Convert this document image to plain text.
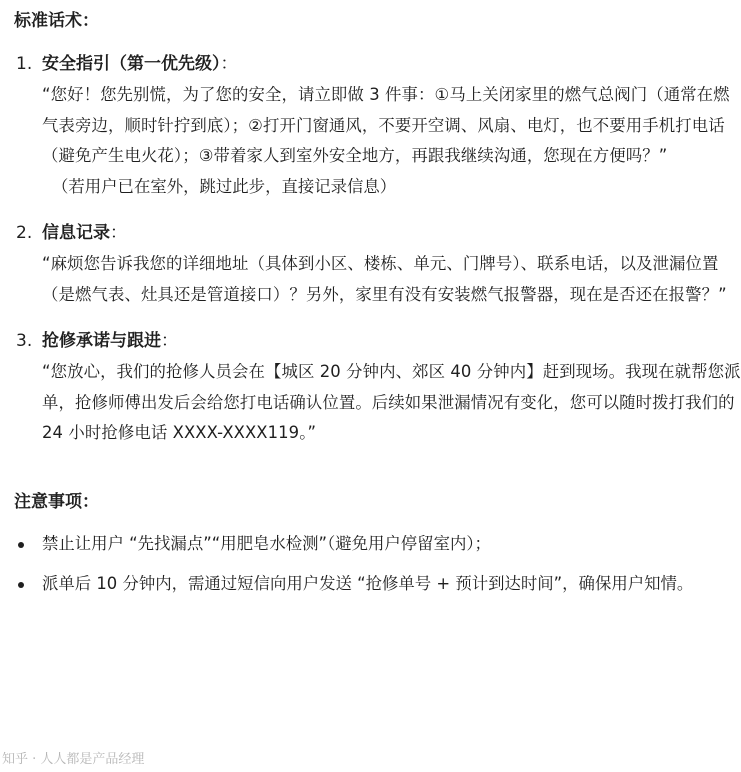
标准话术：
1. 安全指引（第一优先级）：

“您好！您先别慌，为了您的安全，请立即做 3 件事：①马上关闭家里的燃气总阀门（通常在燃气表旁边，顺时针拧到底）；②打开门窗通风，不要开空调、风扇、电灯，也不要用手机打电话（避免产生电火花）；③带着家人到室外安全地方，再跟我继续沟通，您现在方便吗？”

（若用户已在室外，跳过此步，直接记录信息）

2. 信息记录：

“麻烦您告诉我您的详细地址（具体到小区、楼栋、单元、门牌号）、联系电话，以及泄漏位置（是燃气表、灶具还是管道接口）？另外，家里有没有安装燃气报警器，现在是否还在报警？”

3. 抢修承诺与跟进：

“您放心，我们的抢修人员会在【城区 20 分钟内、郊区 40 分钟内】赶到现场。我现在就帮您派单，抢修师傅出发后会给您打电话确认位置。后续如果泄漏情况有变化，您可以随时拨打我们的 24 小时抢修电话 XXXX-XXXX119。”

注意事项：
禁止让用户 “先找漏点”“用肥皂水检测”（避免用户停留室内）；
派单后 10 分钟内，需通过短信向用户发送 “抢修单号 + 预计到达时间”，确保用户知情。
知乎 · 人人都是产品经理
